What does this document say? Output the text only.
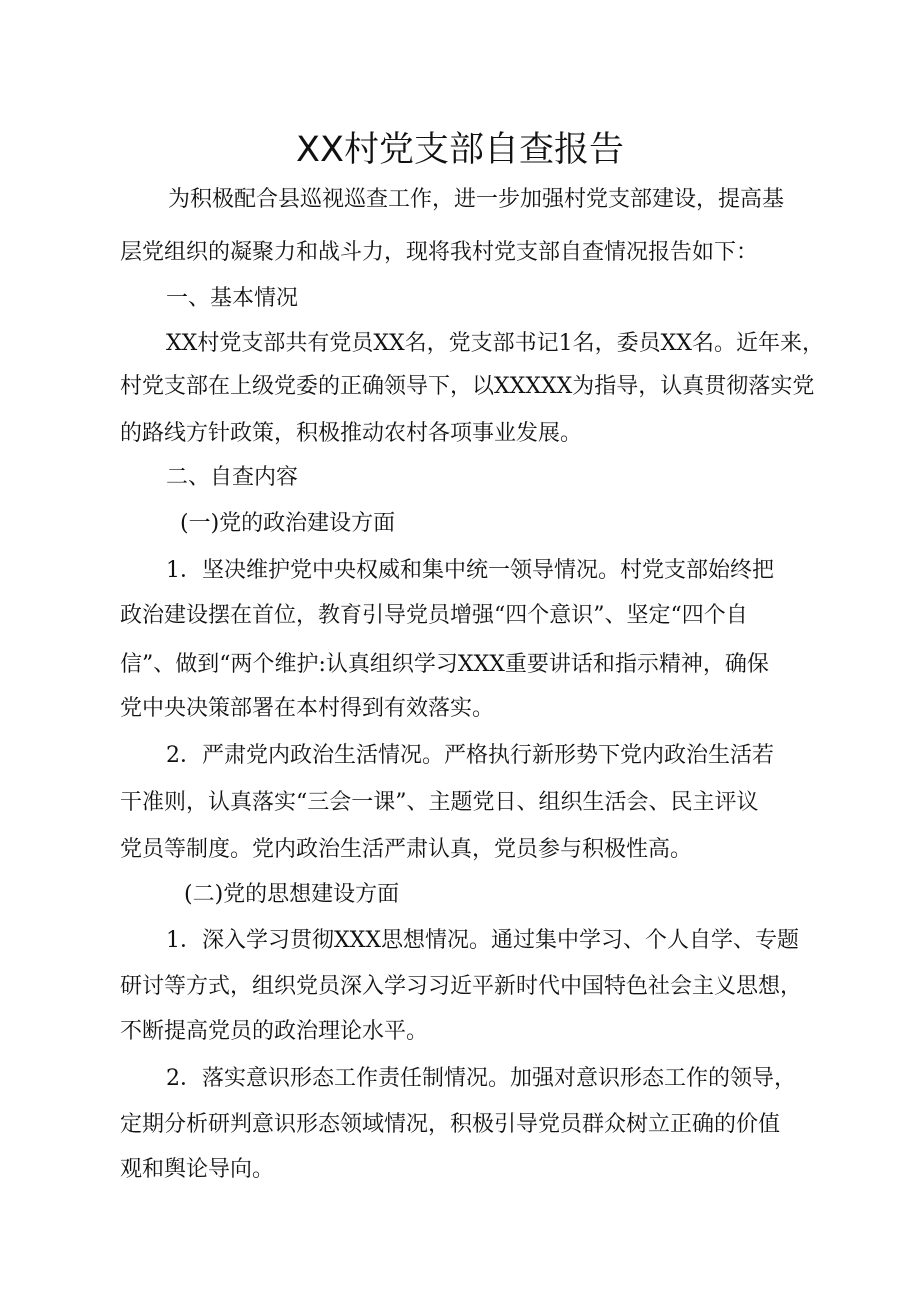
XX村党支部自查报告
为积极配合县巡视巡查工作，进一步加强村党支部建设，提高基
层党组织的凝聚力和战斗力，现将我村党支部自查情况报告如下：
一、基本情况
XX村党支部共有党员XX名，党支部书记1名，委员XX名。近年来，
村党支部在上级党委的正确领导下，以XXXXX为指导，认真贯彻落实党
的路线方针政策，积极推动农村各项事业发展。
二、自查内容
(一)党的政治建设方面
1．坚决维护党中央权威和集中统一领导情况。村党支部始终把
政治建设摆在首位，教育引导党员增强“四个意识”、坚定“四个自
信”、做到“两个维护:认真组织学习XXX重要讲话和指示精神，确保
党中央决策部署在本村得到有效落实。
2．严肃党内政治生活情况。严格执行新形势下党内政治生活若
干准则，认真落实“三会一课”、主题党日、组织生活会、民主评议
党员等制度。党内政治生活严肃认真，党员参与积极性高。
(二)党的思想建设方面
1．深入学习贯彻XXX思想情况。通过集中学习、个人自学、专题
研讨等方式，组织党员深入学习习近平新时代中国特色社会主义思想，
不断提高党员的政治理论水平。
2．落实意识形态工作责任制情况。加强对意识形态工作的领导，
定期分析研判意识形态领域情况，积极引导党员群众树立正确的价值
观和舆论导向。
